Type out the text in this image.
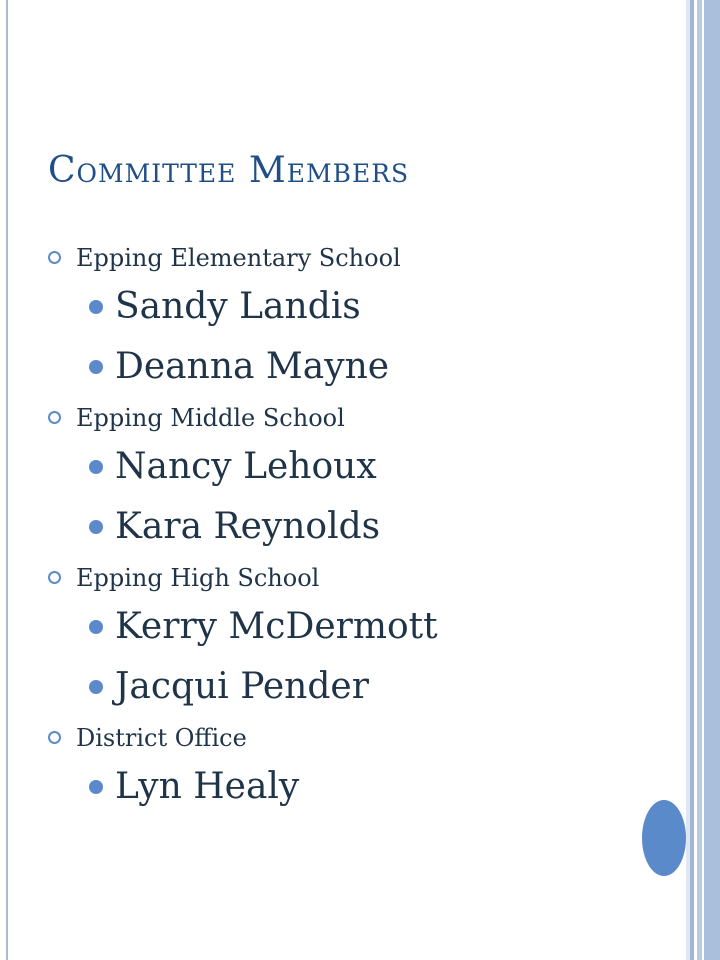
Committee Members
Epping Elementary School
Sandy Landis
Deanna Mayne
Epping Middle School
Nancy Lehoux
Kara Reynolds
Epping High School
Kerry McDermott
Jacqui Pender
District Office
Lyn Healy
